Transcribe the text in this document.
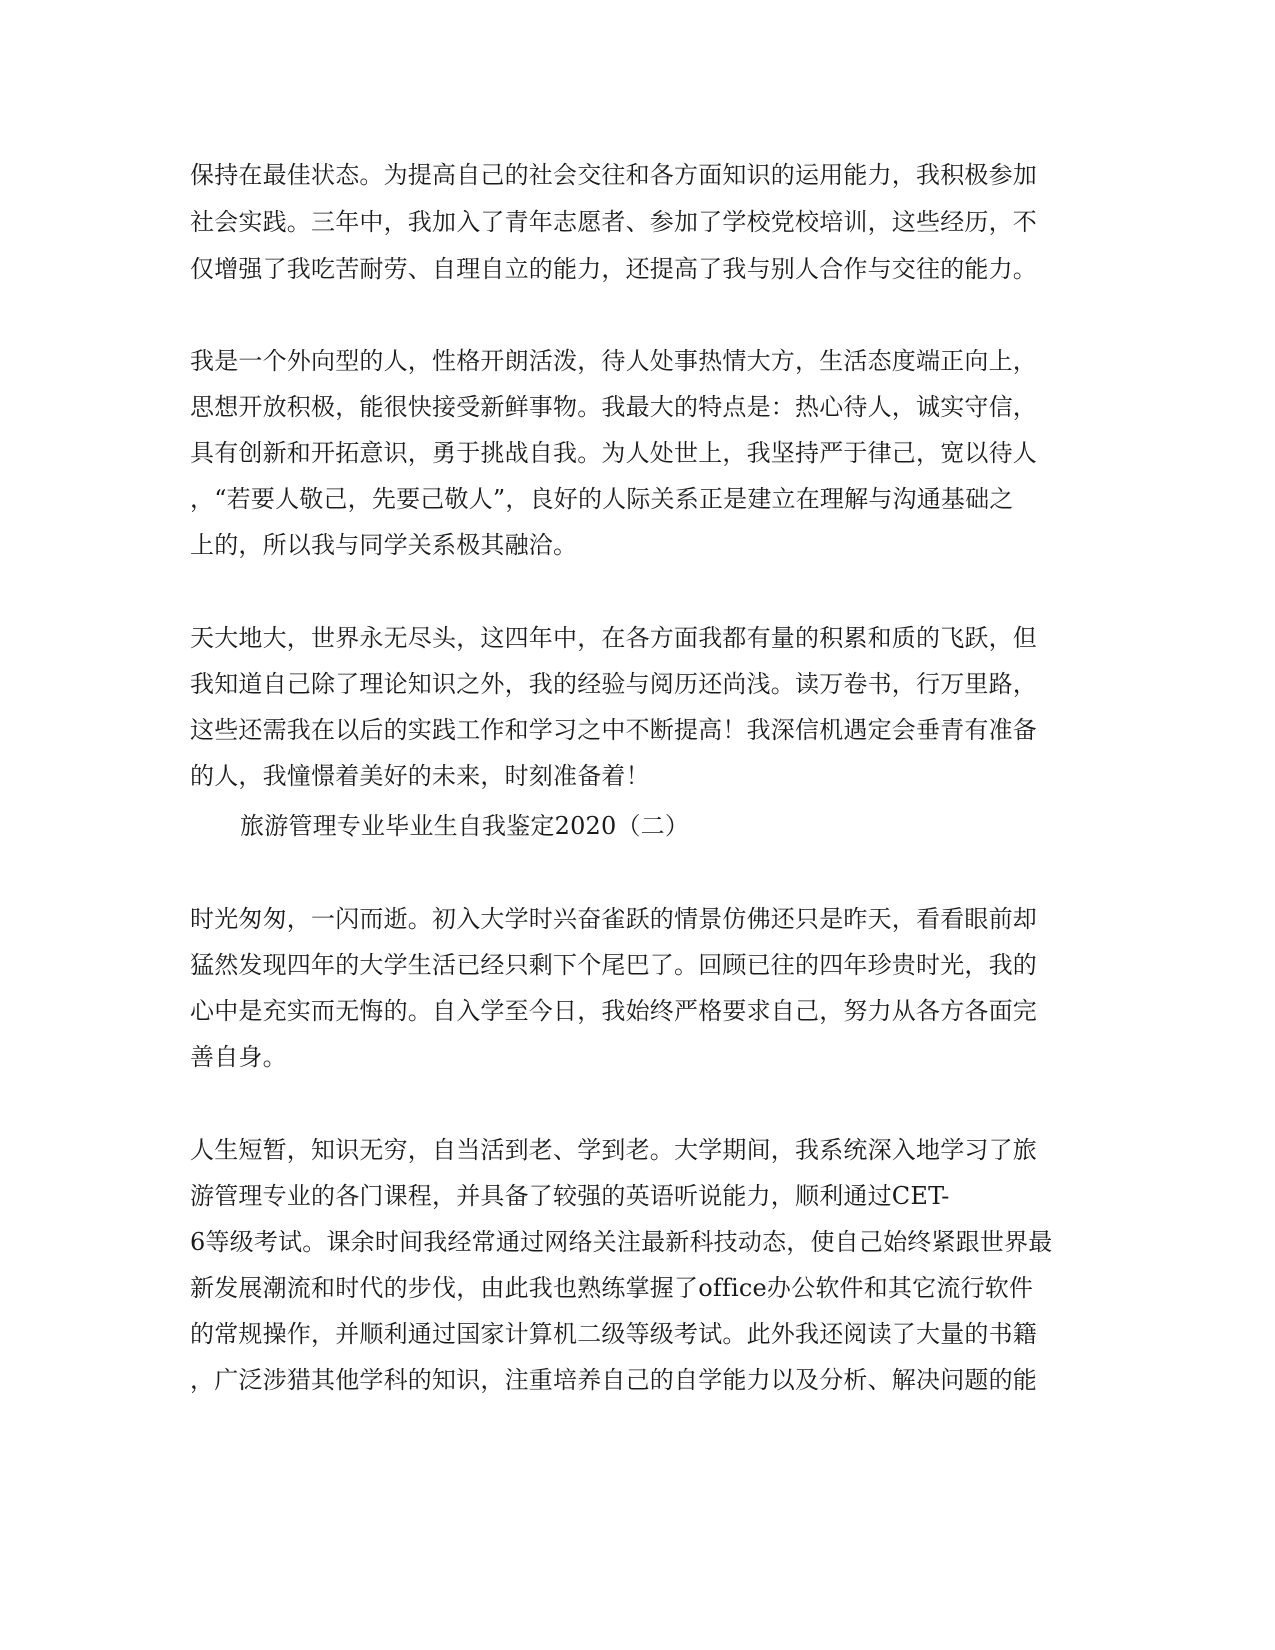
保持在最佳状态。为提高自己的社会交往和各方面知识的运用能力，我积极参加
社会实践。三年中，我加入了青年志愿者、参加了学校党校培训，这些经历，不
仅增强了我吃苦耐劳、自理自立的能力，还提高了我与别人合作与交往的能力。
我是一个外向型的人，性格开朗活泼，待人处事热情大方，生活态度端正向上，
思想开放积极，能很快接受新鲜事物。我最大的特点是：热心待人，诚实守信，
具有创新和开拓意识，勇于挑战自我。为人处世上，我坚持严于律己，宽以待人
，“若要人敬己，先要己敬人”，良好的人际关系正是建立在理解与沟通基础之
上的，所以我与同学关系极其融洽。
天大地大，世界永无尽头，这四年中，在各方面我都有量的积累和质的飞跃，但
我知道自己除了理论知识之外，我的经验与阅历还尚浅。读万卷书，行万里路，
这些还需我在以后的实践工作和学习之中不断提高！我深信机遇定会垂青有准备
的人，我憧憬着美好的未来，时刻准备着！
旅游管理专业毕业生自我鉴定2020（二）
时光匆匆，一闪而逝。初入大学时兴奋雀跃的情景仿佛还只是昨天，看看眼前却
猛然发现四年的大学生活已经只剩下个尾巴了。回顾已往的四年珍贵时光，我的
心中是充实而无悔的。自入学至今日，我始终严格要求自己，努力从各方各面完
善自身。
人生短暂，知识无穷，自当活到老、学到老。大学期间，我系统深入地学习了旅
游管理专业的各门课程，并具备了较强的英语听说能力，顺利通过CET-
6等级考试。课余时间我经常通过网络关注最新科技动态，使自己始终紧跟世界最
新发展潮流和时代的步伐，由此我也熟练掌握了office办公软件和其它流行软件
的常规操作，并顺利通过国家计算机二级等级考试。此外我还阅读了大量的书籍
，广泛涉猎其他学科的知识，注重培养自己的自学能力以及分析、解决问题的能
